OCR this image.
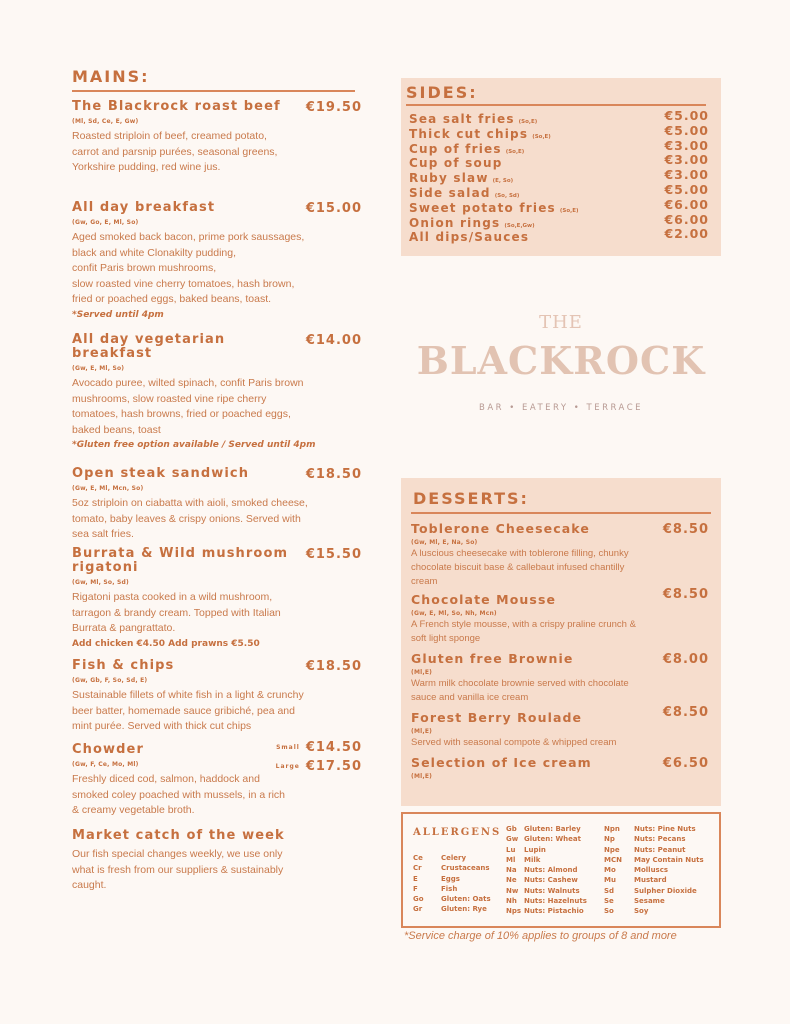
MAINS:
The Blackrock roast beef	€19.50
(Ml, Sd, Ce, E, Gw)
Roasted striploin of beef, creamed potato,
carrot and parsnip purées, seasonal greens,
Yorkshire pudding, red wine jus.
All day breakfast	€15.00
(Gw, Go, E, Ml, So)
Aged smoked back bacon, prime pork saussages,
black and white Clonakilty pudding,
confit Paris brown mushrooms,
slow roasted vine cherry tomatoes, hash brown,
fried or poached eggs, baked beans, toast.
*Served until 4pm
All day vegetarian breakfast
€14.00
(Gw, E, Ml, So)
Avocado puree, wilted spinach, confit Paris brown
mushrooms, slow roasted vine ripe cherry
tomatoes, hash browns, fried or poached eggs,
baked beans, toast
*Gluten free option available / Served until 4pm
Open steak sandwich	€18.50
(Gw, E, Ml, Mcn, So)
5oz striploin on ciabatta with aioli, smoked cheese,
tomato, baby leaves & crispy onions. Served with
sea salt fries.
Burrata & Wild mushroom rigatoni
€15.50
(Gw, Ml, So, Sd)
Rigatoni pasta cooked in a wild mushroom,
tarragon & brandy cream. Topped with Italian
Burrata & pangrattato.
Add chicken €4.50 Add prawns €5.50
Fish & chips	€18.50
(Gw, Gb, F, So, Sd, E)
Sustainable fillets of white fish in a light & crunchy
beer batter, homemade sauce gribiché, pea and
mint purée. Served with thick cut chips
Chowder	Small €14.50
Large €17.50
(Gw, F, Ce, Mo, Ml)
Freshly diced cod, salmon, haddock and
smoked coley poached with mussels, in a rich
& creamy vegetable broth.
Market catch of the week
Our fish special changes weekly, we use only
what is fresh from our suppliers & sustainably
caught.
SIDES:
Sea salt fries (So,E)	€5.00
Thick cut chips (So,E)	€5.00
Cup of fries (So,E)	€3.00
Cup of soup	€3.00
Ruby slaw (E, So)	€3.00
Side salad (So, Sd)	€5.00
Sweet potato fries (So,E)	€6.00
Onion rings (So,E,Gw)	€6.00
All dips/Sauces	€2.00
THE
BLACKROCK
BAR • EATERY • TERRACE
DESSERTS:
Toblerone Cheesecake	€8.50
(Gw, Ml, E, Na, So)
A luscious cheesecake with toblerone filling, chunky
chocolate biscuit base & callebaut infused chantilly
cream
Chocolate Mousse	€8.50
(Gw, E, Ml, So, Nh, Mcn)
A French style mousse, with a crispy praline crunch &
soft light sponge
Gluten free Brownie	€8.00
(Ml,E)
Warm milk chocolate brownie served with chocolate
sauce and vanilla ice cream
Forest Berry Roulade	€8.50
(Ml,E)
Served with seasonal compote & whipped cream
Selection of Ice cream	€6.50
(Ml,E)
ALLERGENS
Ce	Celery
Cr	Crustaceans
E	Eggs
F	Fish
Go Gluten: Oats
Gr	Gluten: Rye
Gb Gluten: Barley
Gw Gluten: Wheat
Lu Lupin
Ml Milk
Na Nuts: Almond
Ne Nuts: Cashew
Nw Nuts: Walnuts
Nh Nuts: Hazelnuts
Nps Nuts: Pistachio
Npn Nuts: Pine Nuts
Np	Nuts: Pecans
Npe Nuts: Peanut
MCN May Contain Nuts
Mo	Molluscs
Mu	Mustard
Sd	Sulpher Dioxide
Se	Sesame
So	Soy
*Service charge of 10% applies to groups of 8 and more
